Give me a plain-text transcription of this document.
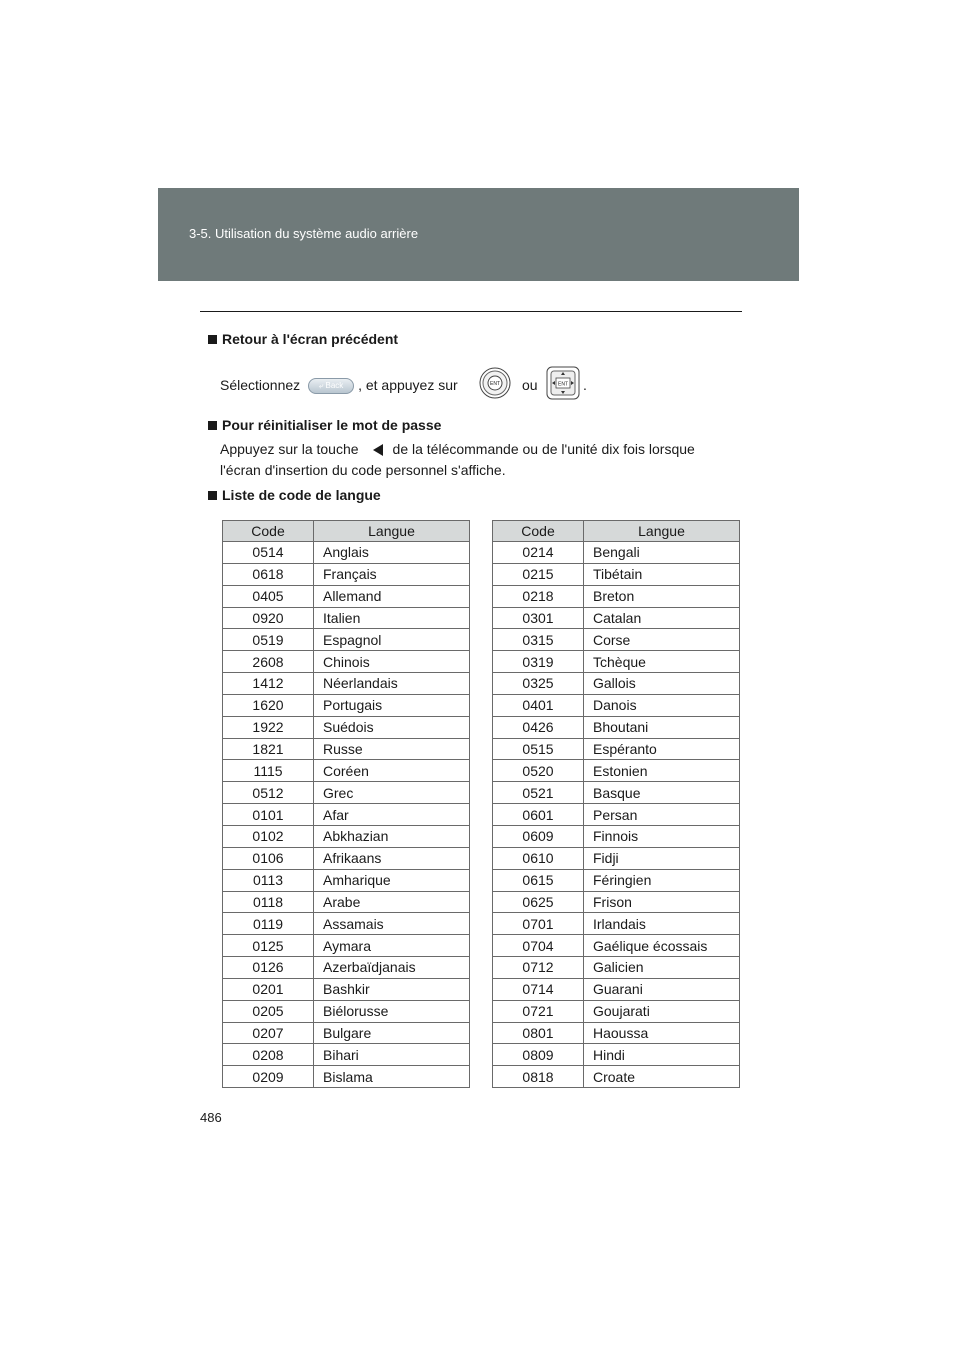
3-5. Utilisation du système audio arrière
Retour à l'écran précédent
Sélectionnez ⤶ Back , et appuyez sur	ENT ou	ENT .
Pour réinitialiser le mot de passe
Appuyez sur la touche de la télécommande ou de l'unité dix fois lorsque
l'écran d'insertion du code personnel s'affiche.
Liste de code de langue
Code	Langue
0514	Anglais
0618	Français
0405	Allemand
0920	Italien
0519	Espagnol
2608	Chinois
1412	Néerlandais
1620	Portugais
1922	Suédois
1821	Russe
1115	Coréen
0512	Grec
0101	Afar
0102	Abkhazian
0106	Afrikaans
0113	Amharique
0118	Arabe
0119	Assamais
0125	Aymara
0126	Azerbaïdjanais
0201	Bashkir
0205	Biélorusse
0207	Bulgare
0208	Bihari
0209	Bislama
Code	Langue
0214	Bengali
0215	Tibétain
0218	Breton
0301	Catalan
0315	Corse
0319	Tchèque
0325	Gallois
0401	Danois
0426	Bhoutani
0515	Espéranto
0520	Estonien
0521	Basque
0601	Persan
0609	Finnois
0610	Fidji
0615	Féringien
0625	Frison
0701	Irlandais
0704	Gaélique écossais
0712	Galicien
0714	Guarani
0721	Goujarati
0801	Haoussa
0809	Hindi
0818	Croate
486
